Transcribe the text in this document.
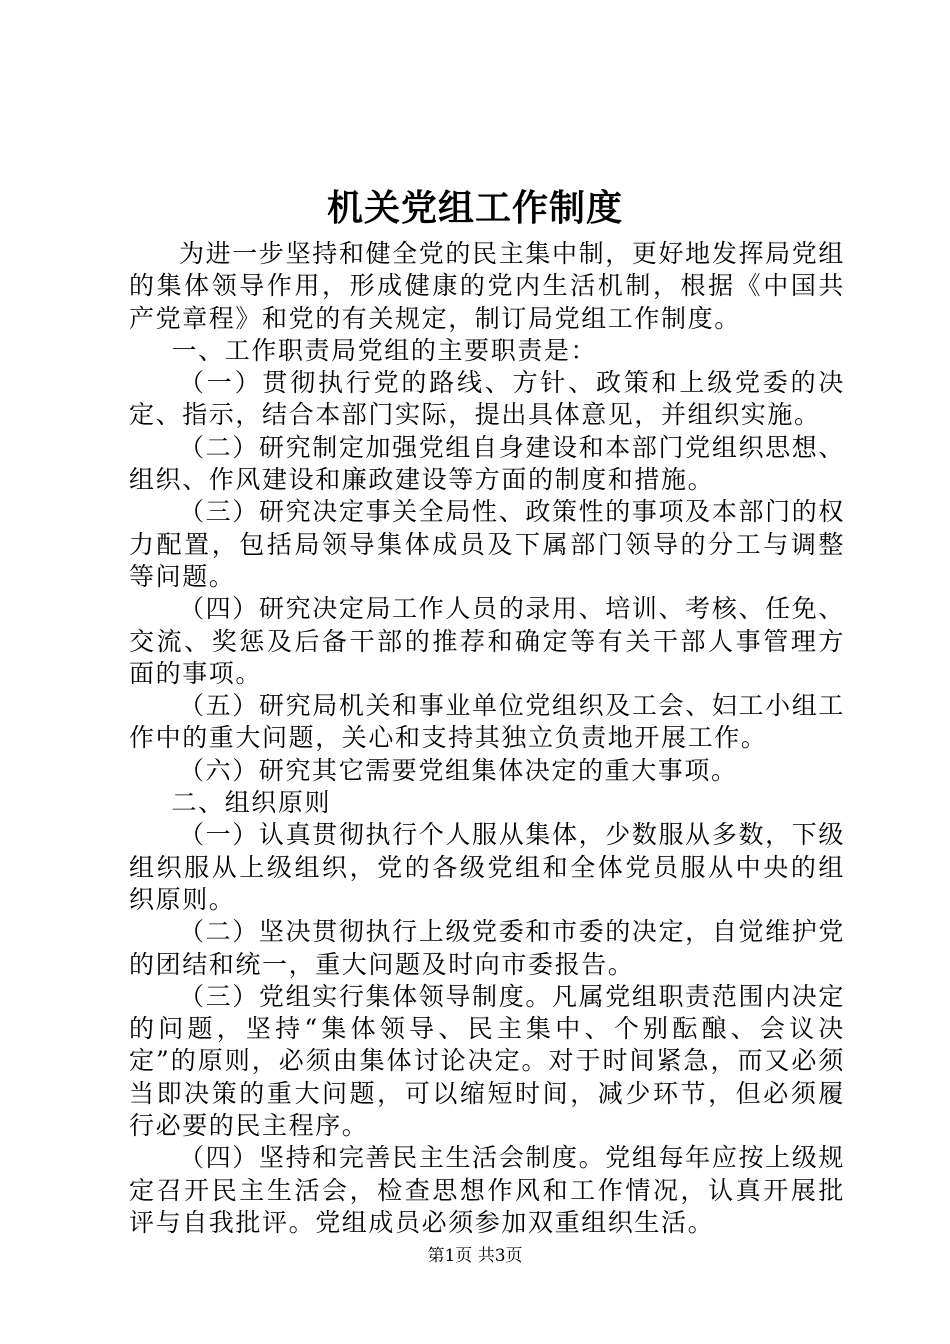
机关党组工作制度

为进一步坚持和健全党的民主集中制，更好地发挥局党组的集体领导作用，形成健康的党内生活机制，根据《中国共产党章程》和党的有关规定，制订局党组工作制度。

一、工作职责局党组的主要职责是：

（一）贯彻执行党的路线、方针、政策和上级党委的决定、指示，结合本部门实际，提出具体意见，并组织实施。

（二）研究制定加强党组自身建设和本部门党组织思想、组织、作风建设和廉政建设等方面的制度和措施。

（三）研究决定事关全局性、政策性的事项及本部门的权力配置，包括局领导集体成员及下属部门领导的分工与调整等问题。

（四）研究决定局工作人员的录用、培训、考核、任免、交流、奖惩及后备干部的推荐和确定等有关干部人事管理方面的事项。

（五）研究局机关和事业单位党组织及工会、妇工小组工作中的重大问题，关心和支持其独立负责地开展工作。

（六）研究其它需要党组集体决定的重大事项。

二、组织原则

（一）认真贯彻执行个人服从集体，少数服从多数，下级组织服从上级组织，党的各级党组和全体党员服从中央的组织原则。

（二）坚决贯彻执行上级党委和市委的决定，自觉维护党的团结和统一，重大问题及时向市委报告。

（三）党组实行集体领导制度。凡属党组职责范围内决定的问题，坚持“集体领导、民主集中、个别酝酿、会议决定”的原则，必须由集体讨论决定。对于时间紧急，而又必须当即决策的重大问题，可以缩短时间，减少环节，但必须履行必要的民主程序。

（四）坚持和完善民主生活会制度。党组每年应按上级规定召开民主生活会，检查思想作风和工作情况，认真开展批评与自我批评。党组成员必须参加双重组织生活。

第1页 共3页
